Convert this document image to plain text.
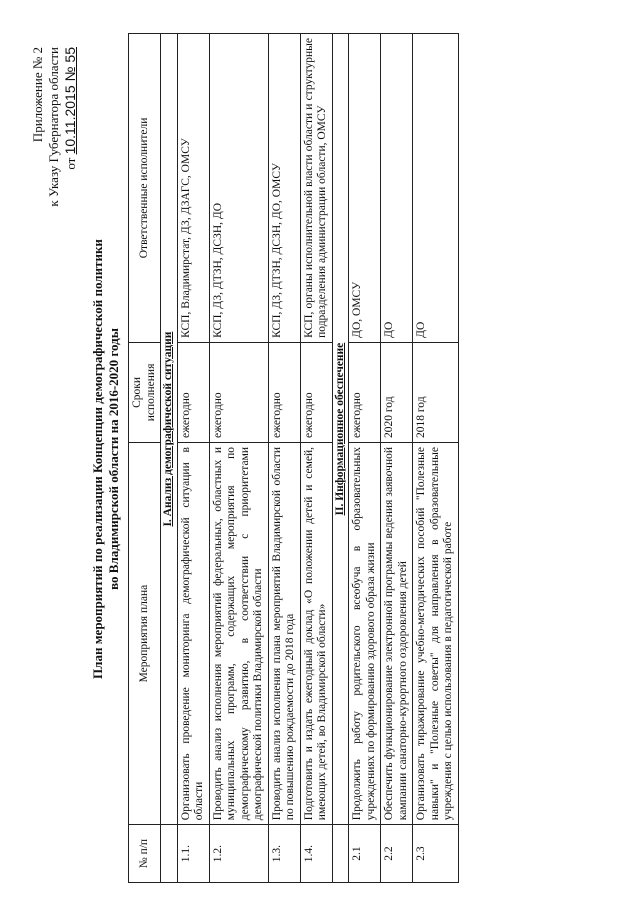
Приложение № 2 к Указу Губернатора области от 10.11.2015 № 55
План мероприятий по реализации Концепции демографической политики во Владимирской области на 2016-2020 годы
№ п/п	Мероприятия плана	Сроки исполнения	Ответственные исполнители
	I. Анализ демографической ситуации		
1.1.	Организовать проведение мониторинга демографической ситуации в области	ежегодно	КСП, Владимирстат, ДЗ, ДЗАГС, ОМСУ
1.2.	Проводить анализ исполнения мероприятий федеральных, областных и муниципальных программ, содержащих мероприятия по демографическому развитию, в соответствии с приоритетами демографической политики Владимирской области	ежегодно	КСП, ДЗ, ДТЗН, ДСЗН, ДО
1.3.	Проводить анализ исполнения плана мероприятий Владимирской области по повышению рождаемости до 2018 года	ежегодно	КСП, ДЗ, ДТЗН, ДСЗН, ДО, ОМСУ
1.4.	Подготовить и издать ежегодный доклад «О положении детей и семей, имеющих детей, во Владимирской области»	ежегодно	КСП, органы исполнительной власти области и структурные подразделения администрации области, ОМСУ
	II. Информационное обеспечение		
2.1	Продолжить работу родительского всеобуча в образовательных учреждениях по формированию здорового образа жизни	ежегодно	ДО, ОМСУ
2.2	Обеспечить функционирование электронной программы ведения заявочной кампании санаторно-курортного оздоровления детей	2020 год	ДО
2.3	Организовать тиражирование учебно-методических пособий "Полезные навыки" и "Полезные советы" для направления в образовательные учреждения с целью использования в педагогической работе	2018 год	ДО
